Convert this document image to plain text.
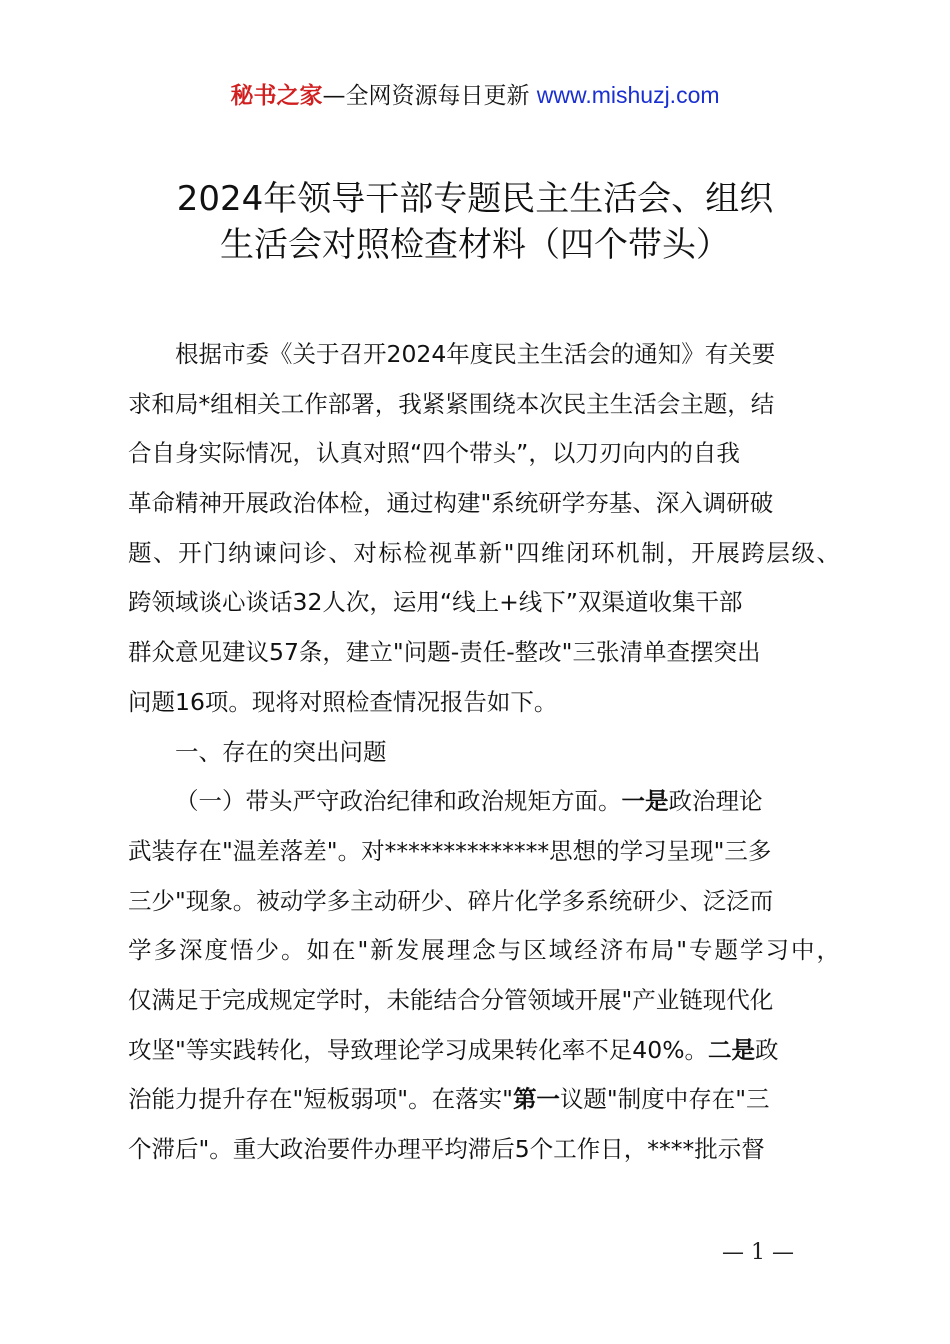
秘书之家—全网资源每日更新 www.mishuzj.com
2024年领导干部专题民主生活会、组织
生活会对照检查材料（四个带头）
根据市委《关于召开2024年度民主生活会的通知》有关要
求和局*组相关工作部署，我紧紧围绕本次民主生活会主题，结
合自身实际情况，认真对照“四个带头”，以刀刃向内的自我
革命精神开展政治体检，通过构建"系统研学夯基、深入调研破
题、开门纳谏问诊、对标检视革新"四维闭环机制，开展跨层级、
跨领域谈心谈话32人次，运用“线上+线下”双渠道收集干部
群众意见建议57条，建立"问题-责任-整改"三张清单查摆突出
问题16项。现将对照检查情况报告如下。
一、存在的突出问题
（一）带头严守政治纪律和政治规矩方面。一是政治理论
武装存在"温差落差"。对**************思想的学习呈现"三多
三少"现象。被动学多主动研少、碎片化学多系统研少、泛泛而
学多深度悟少。如在"新发展理念与区域经济布局"专题学习中，
仅满足于完成规定学时，未能结合分管领域开展"产业链现代化
攻坚"等实践转化，导致理论学习成果转化率不足40%。二是政
治能力提升存在"短板弱项"。在落实"第一议题"制度中存在"三
个滞后"。重大政治要件办理平均滞后5个工作日，****批示督
— 1 —
